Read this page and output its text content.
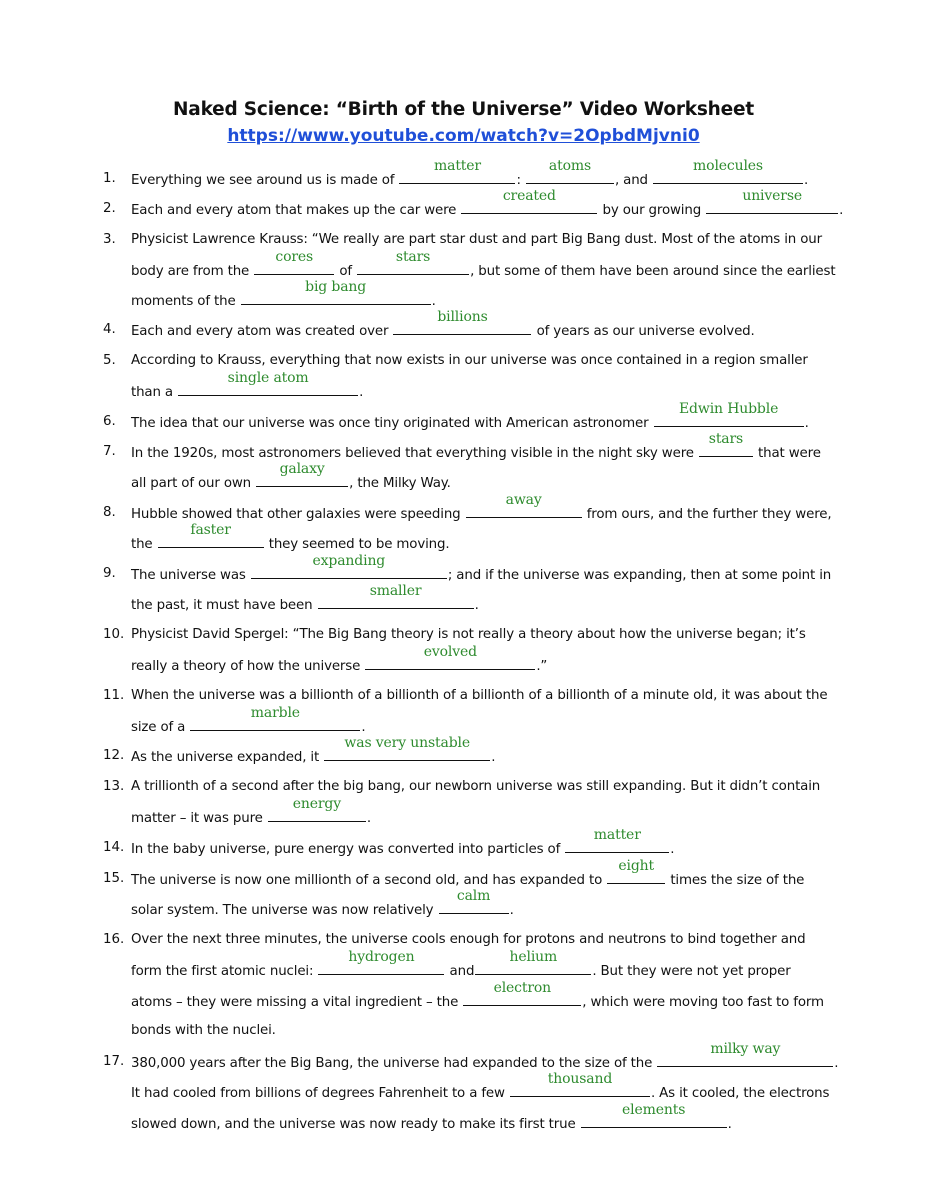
Naked Science: “Birth of the Universe” Video Worksheet
https://www.youtube.com/watch?v=2OpbdMjvni0
1. Everything we see around us is made of
matter
:
atoms
, and
molecules
.
2. Each and every atom that makes up the car were
created
by our growing
universe
.
3. Physicist Lawrence Krauss: “We really are part star dust and part Big Bang dust. Most of the atoms in our
body are from the
cores
of
stars
, but some of them have been around since the earliest
moments of the
big bang
.
4. Each and every atom was created over
billions
of years as our universe evolved.
5. According to Krauss, everything that now exists in our universe was once contained in a region smaller
than a
single atom
.
6. The idea that our universe was once tiny originated with American astronomer
Edwin Hubble
.
7. In the 1920s, most astronomers believed that everything visible in the night sky were
stars
that were
all part of our own
galaxy
, the Milky Way.
8. Hubble showed that other galaxies were speeding
away
from ours, and the further they were,
the
faster
they seemed to be moving.
9. The universe was
expanding
; and if the universe was expanding, then at some point in
the past, it must have been
smaller
.
10. Physicist David Spergel: “The Big Bang theory is not really a theory about how the universe began; it’s
really a theory of how the universe
evolved
.”
11. When the universe was a billionth of a billionth of a billionth of a billionth of a minute old, it was about the
size of a
marble
.
12. As the universe expanded, it
was very unstable
.
13. A trillionth of a second after the big bang, our newborn universe was still expanding. But it didn’t contain
matter – it was pure
energy
.
14. In the baby universe, pure energy was converted into particles of
matter
.
15. The universe is now one millionth of a second old, and has expanded to
eight
times the size of the
solar system. The universe was now relatively
calm
.
16. Over the next three minutes, the universe cools enough for protons and neutrons to bind together and
form the first atomic nuclei:
hydrogen
and
helium
. But they were not yet proper
atoms – they were missing a vital ingredient – the
electron
, which were moving too fast to form
bonds with the nuclei.
17. 380,000 years after the Big Bang, the universe had expanded to the size of the
milky way
.
It had cooled from billions of degrees Fahrenheit to a few
thousand
. As it cooled, the electrons
slowed down, and the universe was now ready to make its first true
elements
.
